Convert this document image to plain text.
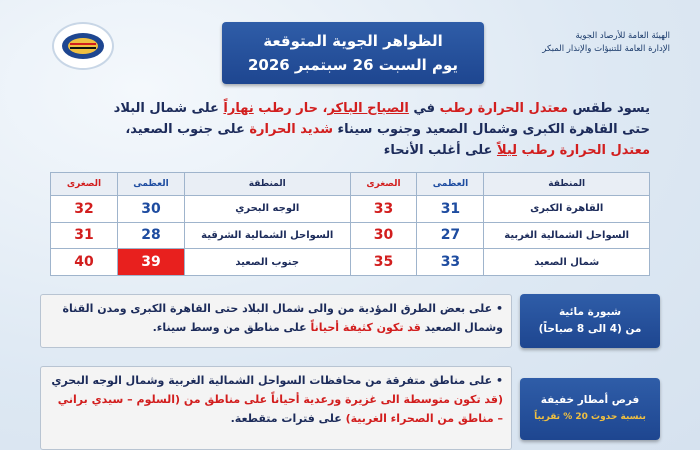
الهيئة العامة للأرصاد الجوية
الإدارة العامة للتنبؤات والإنذار المبكر
الظواهر الجوية المتوقعة
يوم السبت 26 سبتمبر 2026
يسود طقس معتدل الحرارة رطب في الصباح الباكر، حار رطب نهاراً على شمال البلاد حتى القاهرة الكبرى وشمال الصعيد وجنوب سيناء شديد الحرارة على جنوب الصعيد،
معتدل الحرارة رطب ليلاً على أغلب الأنحاء
المنطقة	العظمى	الصغرى	المنطقة	العظمى	الصغرى
القاهرة الكبرى	31	33	الوجه البحري	30	32
السواحل الشمالية الغربية	27	30	السواحل الشمالية الشرقية	28	31
شمال الصعيد	33	35	جنوب الصعيد	39	40
شبورة مائية
من (4 الى 8 صباحاً)
• على بعض الطرق المؤدية من والى شمال البلاد حتى القاهرة الكبرى ومدن القناة وشمال الصعيد قد تكون كثيفة أحياناً على مناطق من وسط سيناء.
فرص أمطار خفيفة
بنسبة حدوث 20 % تقريباً
• على مناطق متفرقة من محافظات السواحل الشمالية الغربية وشمال الوجه البحري (قد تكون متوسطة الى غزيرة ورعدية أحياناً على مناطق من (السلوم – سيدي براني – مناطق من الصحراء الغربية) على فترات متقطعة.
